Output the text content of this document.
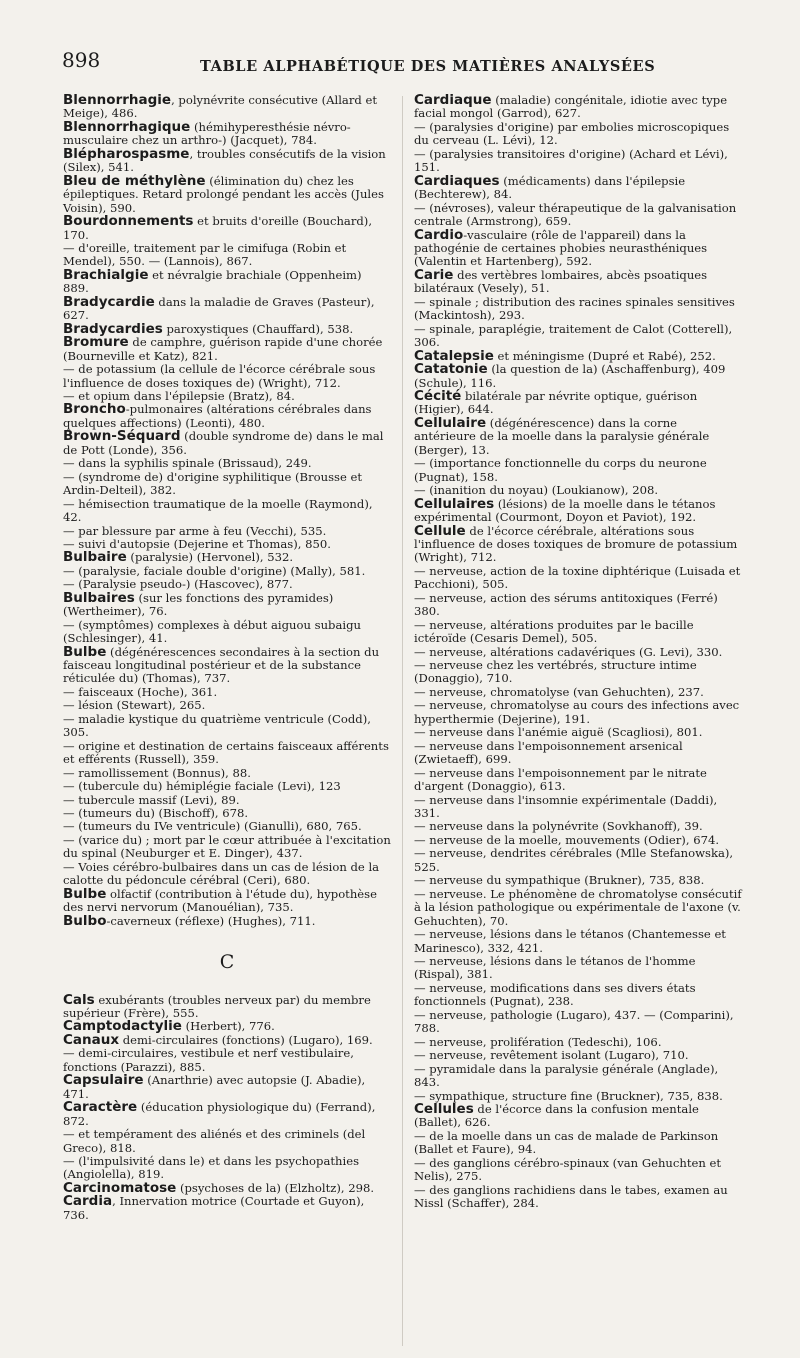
898	TABLE ALPHABÉTIQUE DES MATIÈRES ANALYSÉES

Blennorrhagie, polynévrite consécutive (Allard et Meige), 486.

Blennorrhagique (hémihyperesthésie névro-musculaire chez un arthro-) (Jacquet), 784.

Blépharospasme, troubles consécutifs de la vision (Silex), 541.

Bleu de méthylène (élimination du) chez les épileptiques. Retard prolongé pendant les accès (Jules Voisin), 590.

Bourdonnements et bruits d'oreille (Bouchard), 170.

— d'oreille, traitement par le cimifuga (Robin et Mendel), 550. — (Lannois), 867.

Brachialgie et névralgie brachiale (Oppenheim) 889.

Bradycardie dans la maladie de Graves (Pasteur), 627.

Bradycardies paroxystiques (Chauffard), 538.

Bromure de camphre, guérison rapide d'une chorée (Bourneville et Katz), 821.

— de potassium (la cellule de l'écorce cérébrale sous l'influence de doses toxiques de) (Wright), 712.

— et opium dans l'épilepsie (Bratz), 84.

Broncho-pulmonaires (altérations cérébrales dans quelques affections) (Leonti), 480.

Brown-Séquard (double syndrome de) dans le mal de Pott (Londe), 356.

— dans la syphilis spinale (Brissaud), 249.

— (syndrome de) d'origine syphilitique (Brousse et Ardin-Delteil), 382.

— hémisection traumatique de la moelle (Raymond), 42.

— par blessure par arme à feu (Vecchi), 535.

— suivi d'autopsie (Dejerine et Thomas), 850.

Bulbaire (paralysie) (Hervonel), 532.

— (paralysie, faciale double d'origine) (Mally), 581.

— (Paralysie pseudo-) (Hascovec), 877.

Bulbaires (sur les fonctions des pyramides) (Wertheimer), 76.

— (symptômes) complexes à début aiguou subaigu (Schlesinger), 41.

Bulbe (dégénérescences secondaires à la section du faisceau longitudinal postérieur et de la substance réticulée du) (Thomas), 737.

— faisceaux (Hoche), 361.

— lésion (Stewart), 265.

— maladie kystique du quatrième ventricule (Codd), 305.

— origine et destination de certains faisceaux afférents et efférents (Russell), 359.

— ramollissement (Bonnus), 88.

— (tubercule du) hémiplégie faciale (Levi), 123

— tubercule massif (Levi), 89.

— (tumeurs du) (Bischoff), 678.

— (tumeurs du IVe ventricule) (Gianulli), 680, 765.

— (varice du) ; mort par le cœur attribuée à l'excitation du spinal (Neuburger et E. Dinger), 437.

— Voies cérébro-bulbaires dans un cas de lésion de la calotte du pédoncule cérébral (Ceri), 680.

Bulbe olfactif (contribution à l'étude du), hypothèse des nervi nervorum (Manouélian), 735.

Bulbo-caverneux (réflexe) (Hughes), 711.

C

Cals exubérants (troubles nerveux par) du membre supérieur (Frère), 555.

Camptodactylie (Herbert), 776.

Canaux demi-circulaires (fonctions) (Lugaro), 169.

— demi-circulaires, vestibule et nerf vestibulaire, fonctions (Parazzi), 885.

Capsulaire (Anarthrie) avec autopsie (J. Abadie), 471.

Caractère (éducation physiologique du) (Ferrand), 872.

— et tempérament des aliénés et des criminels (del Greco), 818.

— (l'impulsivité dans le) et dans les psychopathies (Angiolella), 819.

Carcinomatose (psychoses de la) (Elzholtz), 298.

Cardia, Innervation motrice (Courtade et Guyon), 736.

Cardiaque (maladie) congénitale, idiotie avec type facial mongol (Garrod), 627.

— (paralysies d'origine) par embolies microscopiques du cerveau (L. Lévi), 12.

— (paralysies transitoires d'origine) (Achard et Lévi), 151.

Cardiaques (médicaments) dans l'épilepsie (Bechterew), 84.

— (névroses), valeur thérapeutique de la galvanisation centrale (Armstrong), 659.

Cardio-vasculaire (rôle de l'appareil) dans la pathogénie de certaines phobies neurasthéniques (Valentin et Hartenberg), 592.

Carie des vertèbres lombaires, abcès psoatiques bilatéraux (Vesely), 51.

— spinale ; distribution des racines spinales sensitives (Mackintosh), 293.

— spinale, paraplégie, traitement de Calot (Cotterell), 306.

Catalepsie et méningisme (Dupré et Rabé), 252.

Catatonie (la question de la) (Aschaffenburg), 409 (Schule), 116.

Cécité bilatérale par névrite optique, guérison (Higier), 644.

Cellulaire (dégénérescence) dans la corne antérieure de la moelle dans la paralysie générale (Berger), 13.

— (importance fonctionnelle du corps du neurone (Pugnat), 158.

— (inanition du noyau) (Loukianow), 208.

Cellulaires (lésions) de la moelle dans le tétanos expérimental (Courmont, Doyon et Paviot), 192.

Cellule de l'écorce cérébrale, altérations sous l'influence de doses toxiques de bromure de potassium (Wright), 712.

— nerveuse, action de la toxine diphtérique (Luisada et Pacchioni), 505.

— nerveuse, action des sérums antitoxiques (Ferré) 380.

— nerveuse, altérations produites par le bacille ictéroïde (Cesaris Demel), 505.

— nerveuse, altérations cadavériques (G. Levi), 330.

— nerveuse chez les vertébrés, structure intime (Donaggio), 710.

— nerveuse, chromatolyse (van Gehuchten), 237.

— nerveuse, chromatolyse au cours des infections avec hyperthermie (Dejerine), 191.

— nerveuse dans l'anémie aiguë (Scagliosi), 801.

— nerveuse dans l'empoisonnement arsenical (Zwietaeff), 699.

— nerveuse dans l'empoisonnement par le nitrate d'argent (Donaggio), 613.

— nerveuse dans l'insomnie expérimentale (Daddi), 331.

— nerveuse dans la polynévrite (Sovkhanoff), 39.

— nerveuse de la moelle, mouvements (Odier), 674.

— nerveuse, dendrites cérébrales (Mlle Stefanowska), 525.

— nerveuse du sympathique (Brukner), 735, 838.

— nerveuse. Le phénomène de chromatolyse consécutif à la lésion pathologique ou expérimentale de l'axone (v. Gehuchten), 70.

— nerveuse, lésions dans le tétanos (Chantemesse et Marinesco), 332, 421.

— nerveuse, lésions dans le tétanos de l'homme (Rispal), 381.

— nerveuse, modifications dans ses divers états fonctionnels (Pugnat), 238.

— nerveuse, pathologie (Lugaro), 437. — (Comparini), 788.

— nerveuse, prolifération (Tedeschi), 106.

— nerveuse, revêtement isolant (Lugaro), 710.

— pyramidale dans la paralysie générale (Anglade), 843.

— sympathique, structure fine (Bruckner), 735, 838.

Cellules de l'écorce dans la confusion mentale (Ballet), 626.

— de la moelle dans un cas de malade de Parkinson (Ballet et Faure), 94.

— des ganglions cérébro-spinaux (van Gehuchten et Nelis), 275.

— des ganglions rachidiens dans le tabes, examen au Nissl (Schaffer), 284.
